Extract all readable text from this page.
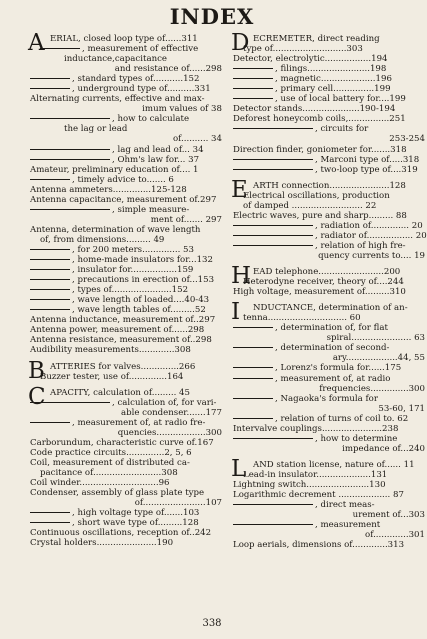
INDEX
A ERIAL, closed loop type of......311
, measurement of effective
inductance,capacitance
and resistance of......298
, standard types of...........152
, underground type of..........331
Alternating currents, effective and max-
imum values of 38
, how to calculate
the lag or lead
of.......... 34
, lag and lead of... 34
, Ohm's law for... 37
Amateur, preliminary education of.... 1
, timely advice to....... 6
Antenna ammeters..............125-128
Antenna capacitance, measurement of.297
, simple measure-
ment of....... 297
Antenna, determination of wave length
of, from dimensions......... 49
, for 200 meters.............. 53
, home-made insulators for...132
, insulator for.................159
, precautions in erection of...153
, types of......................152
, wave length of loaded....40-43
, wave length tables of.........52
Antenna inductance, measurement of..297
Antenna power, measurement of......298
Antenna resistance, measurement of..298
Audibility measurements.............308
B ATTERIES for valves..............266
Buzzer tester, use of..............164
C APACITY, calculation of......... 45
, calculation of, for vari-
able condenser.......177
, measurement of, at radio fre-
quencies..................300
Carborundum, characteristic curve of.167
Code practice circuits..............2, 5, 6
Coil, measurement of distributed ca-
pacitance of.........................308
Coil winder.............................96
Condenser, assembly of glass plate type
of.......................107
, high voltage type of.......103
, short wave type of.........128
Continuous oscillations, reception of..242
Crystal holders......................190
D ECREMETER, direct reading
type of...........................303
Detector, electrolytic.................194
, filings.......................198
, magnetic....................196
, primary cell...............199
, use of local battery for....199
Detector stands.....................190-194
Deforest honeycomb coils,...............251
, circuits for
253-254
Direction finder, goniometer for.......318
, Marconi type of.....318
, two-loop type of....319
E ARTH connection......................128
Electrical oscillations, production
of damped .......................... 22
Electric waves, pure and sharp......... 88
, radiation of.............. 20
, radiator of................. 20
, relation of high fre-
quency currents to.... 19
H EAD telephone........................200
Heterodyne receiver, theory of....244
High voltage, measurement of.........310
I NDUCTANCE, determination of an-
tenna............................. 60
, determination of, for flat
spiral...................... 63
, determination of second-
ary...................44, 55
, Lorenz's formula for......175
, measurement of, at radio
frequencies..............300
, Nagaoka's formula for
53-60, 171
, relation of turns of coil to. 62
Intervalve couplings......................238
, how to determine
impedance of...240
L AND station license, nature of...... 11
Lead-in insulator....................131
Lightning switch.......................130
Logarithmic decrement ................... 87
, direct meas-
urement of...303
, measurement
of.............301
Loop aerials, dimensions of.............313
338
